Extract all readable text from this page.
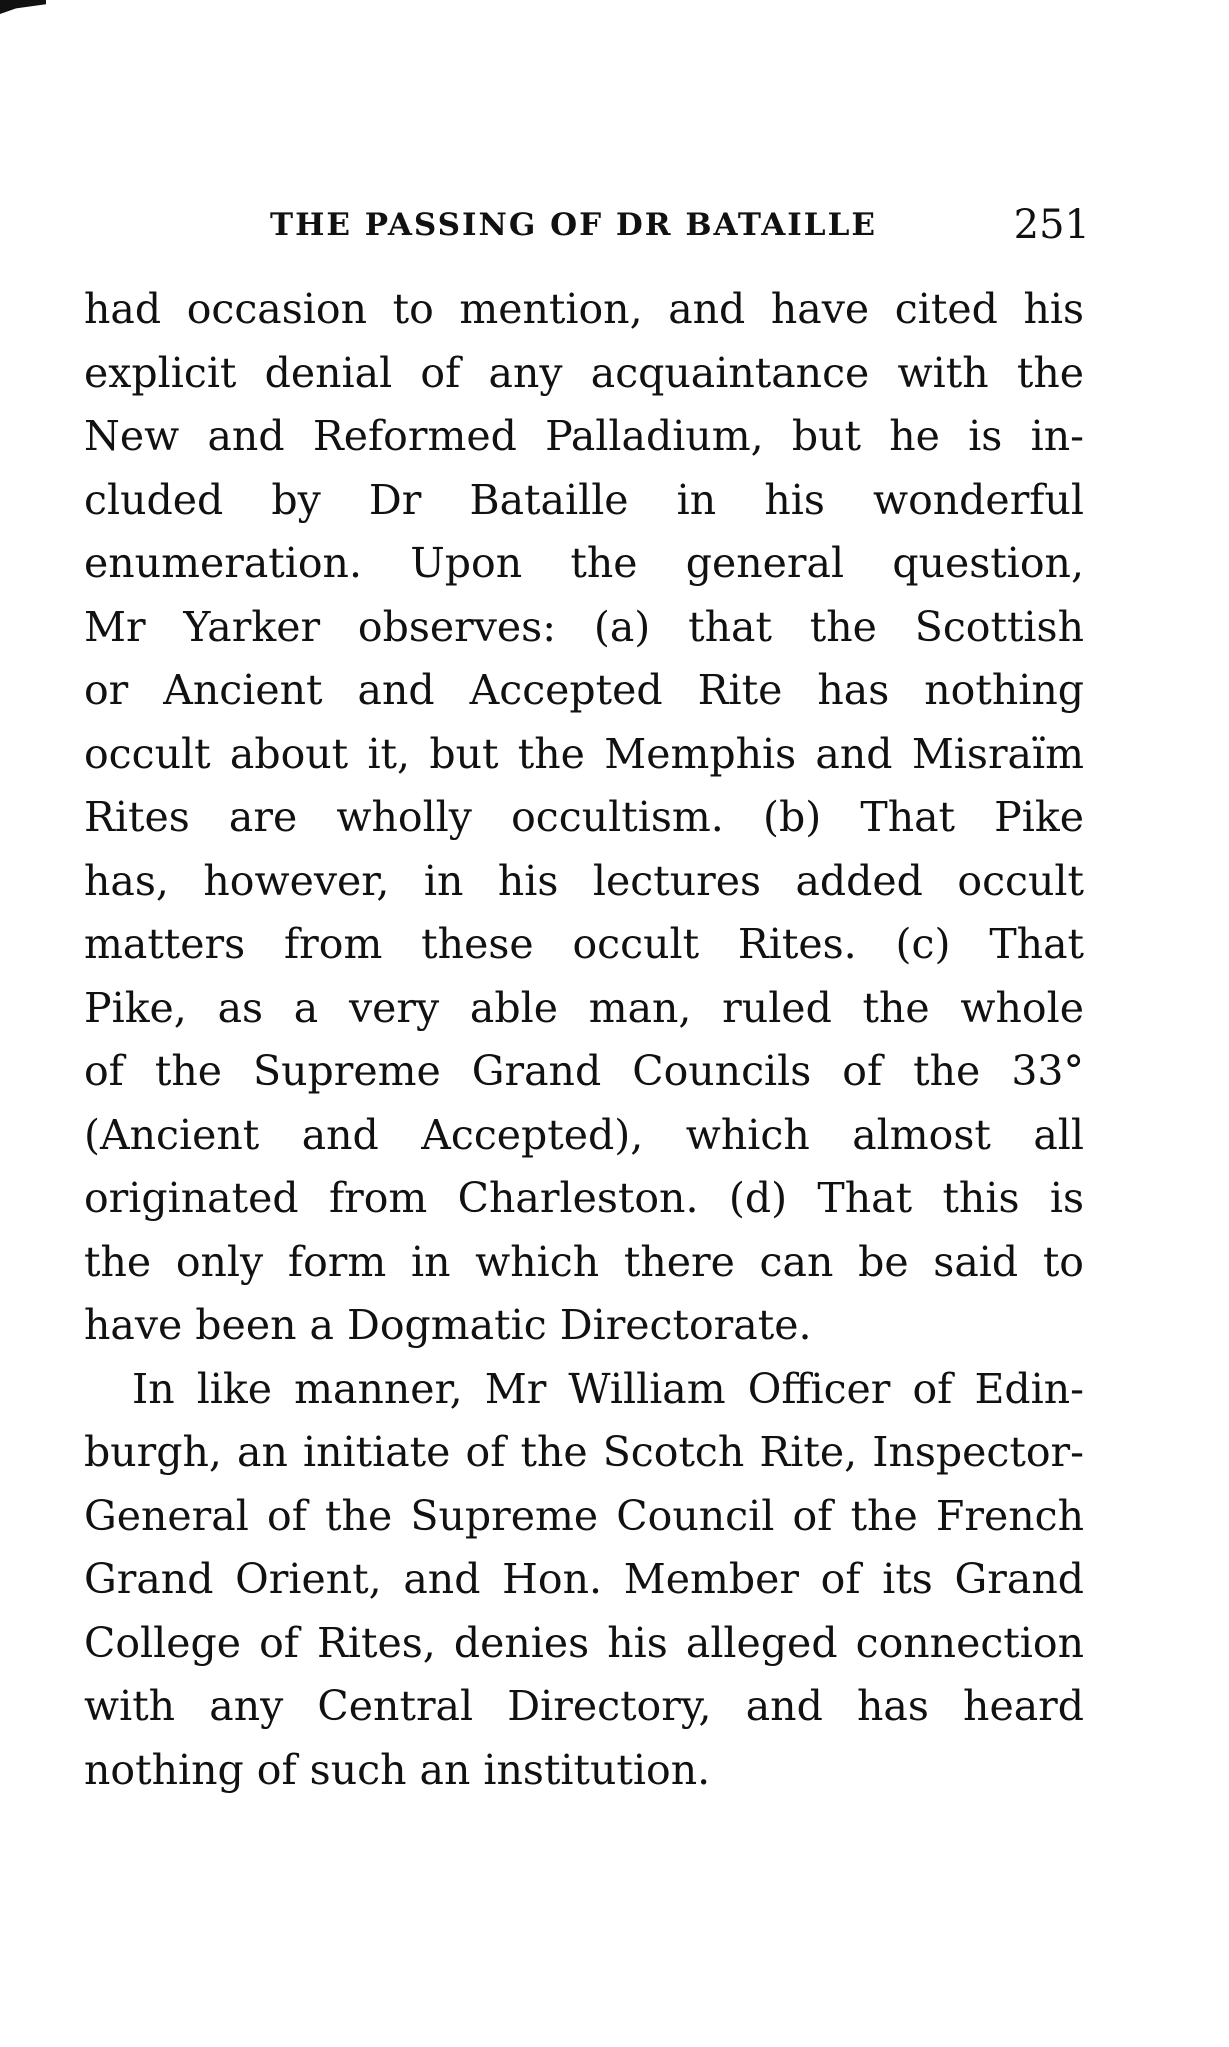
THE PASSING OF DR BATAILLE	251
had occasion to mention, and have cited his
explicit denial of any acquaintance with the
New and Reformed Palladium, but he is in-
cluded by Dr Bataille in his wonderful
enumeration. Upon the general question,
Mr Yarker observes: (a) that the Scottish
or Ancient and Accepted Rite has nothing
occult about it, but the Memphis and Misraïm
Rites are wholly occultism. (b) That Pike
has, however, in his lectures added occult
matters from these occult Rites. (c) That
Pike, as a very able man, ruled the whole
of the Supreme Grand Councils of the 33°
(Ancient and Accepted), which almost all
originated from Charleston. (d) That this is
the only form in which there can be said to
have been a Dogmatic Directorate.
In like manner, Mr William Officer of Edin-
burgh, an initiate of the Scotch Rite, Inspector-
General of the Supreme Council of the French
Grand Orient, and Hon. Member of its Grand
College of Rites, denies his alleged connection
with any Central Directory, and has heard
nothing of such an institution.
